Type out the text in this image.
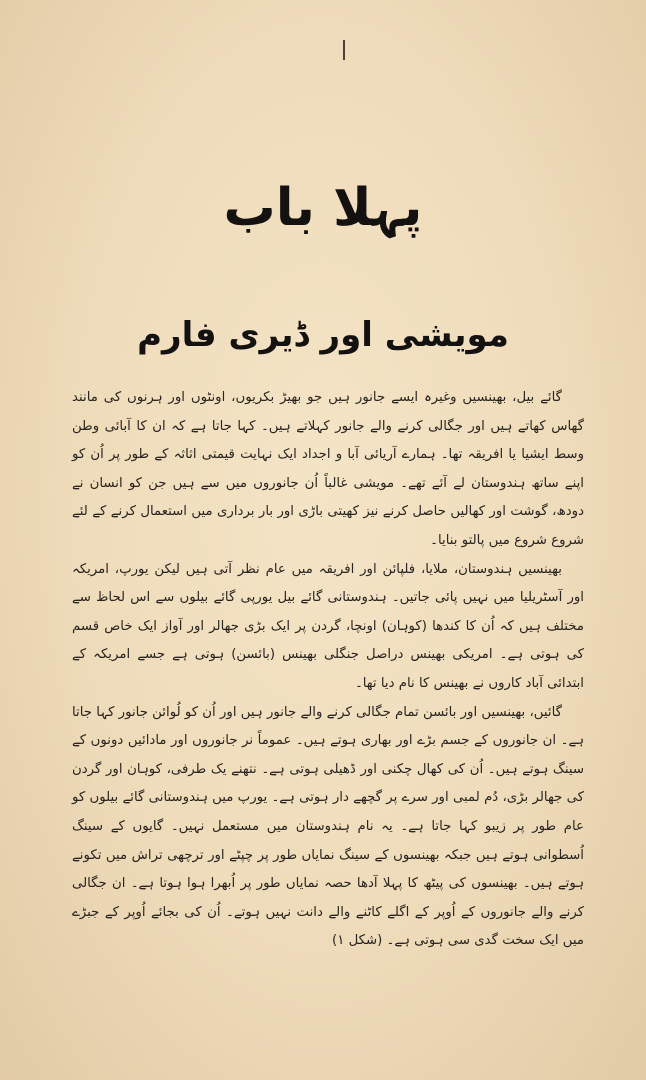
پہلا باب
مویشی اور ڈیری فارم

گائے بیل، بھینسیں وغیرہ ایسے جانور ہیں جو بھیڑ بکریوں، اونٹوں اور ہرنوں کی مانند گھاس کھاتے ہیں اور جگالی کرنے والے جانور کہلاتے ہیں۔ کہا جاتا ہے کہ ان کا آبائی وطن وسط ایشیا یا افریقہ تھا۔ ہمارے آریائی آبا و اجداد ایک نہایت قیمتی اثاثہ کے طور پر اُن کو اپنے ساتھ ہندوستان لے آئے تھے۔ مویشی غالباً اُن جانوروں میں سے ہیں جن کو انسان نے دودھ، گوشت اور کھالیں حاصل کرنے نیز کھیتی باڑی اور بار برداری میں استعمال کرنے کے لئے شروع شروع میں پالتو بنایا۔

بھینسیں ہندوستان، ملایا، فلپائن اور افریقہ میں عام نظر آتی ہیں لیکن یورپ، امریکہ اور آسٹریلیا میں نہیں پائی جاتیں۔ ہندوستانی گائے بیل یورپی گائے بیلوں سے اس لحاظ سے مختلف ہیں کہ اُن کا کندھا (کوہان) اونچا، گردن پر ایک بڑی جھالر اور آواز ایک خاص قسم کی ہوتی ہے۔ امریکی بھینس دراصل جنگلی بھینس (بائسن) ہوتی ہے جسے امریکہ کے ابتدائی آباد کاروں نے بھینس کا نام دیا تھا۔

گائیں، بھینسیں اور بائسن تمام جگالی کرنے والے جانور ہیں اور اُن کو لُوائن جانور کہا جاتا ہے۔ ان جانوروں کے جسم بڑے اور بھاری ہوتے ہیں۔ عموماً نر جانوروں اور مادائیں دونوں کے سینگ ہوتے ہیں۔ اُن کی کھال چکنی اور ڈھیلی ہوتی ہے۔ نتھنے یک طرفی، کوہان اور گردن کی جھالر بڑی، دُم لمبی اور سرے پر گچھے دار ہوتی ہے۔ یورپ میں ہندوستانی گائے بیلوں کو عام طور پر زیبو کہا جاتا ہے۔ یہ نام ہندوستان میں مستعمل نہیں۔ گایوں کے سینگ اُسطوانی ہوتے ہیں جبکہ بھینسوں کے سینگ نمایاں طور پر چپٹے اور ترچھی تراش میں تکونے ہوتے ہیں۔ بھینسوں کی پیٹھ کا پہلا آدھا حصہ نمایاں طور پر اُبھرا ہوا ہوتا ہے۔ ان جگالی کرنے والے جانوروں کے اُوپر کے اگلے کاٹنے والے دانت نہیں ہوتے۔ اُن کی بجائے اُوپر کے جبڑے میں ایک سخت گدی سی ہوتی ہے۔ (شکل ۱)
